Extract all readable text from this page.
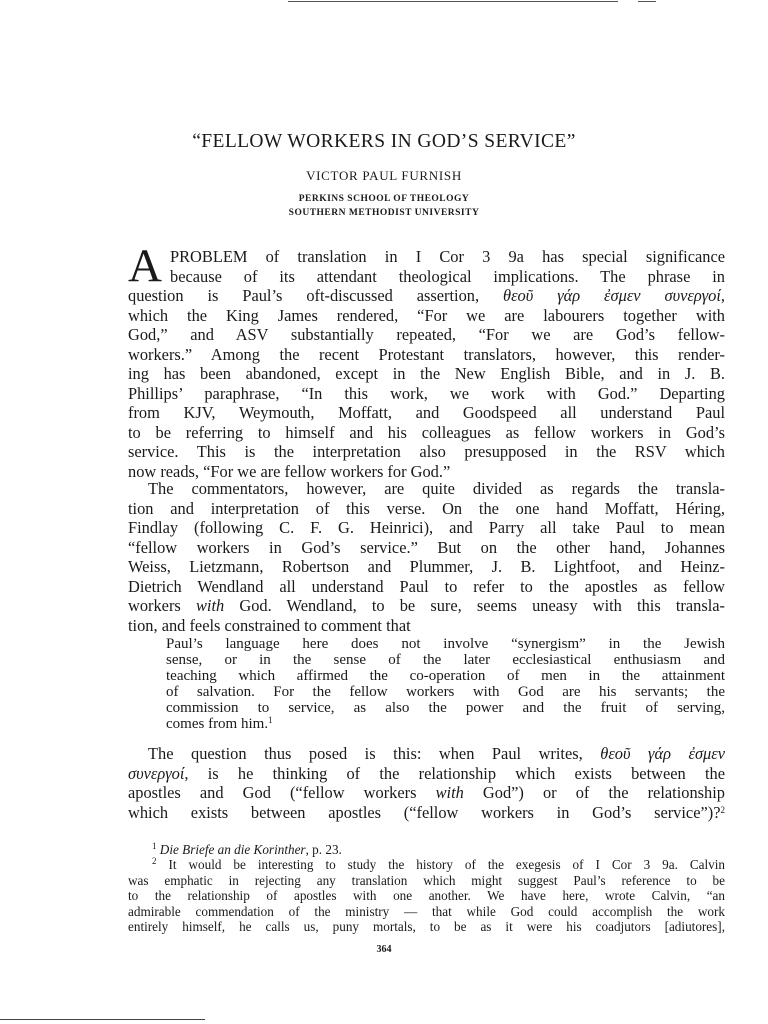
“FELLOW WORKERS IN GOD’S SERVICE”
VICTOR PAUL FURNISH
PERKINS SCHOOL OF THEOLOGY
SOUTHERN METHODIST UNIVERSITY
A PROBLEM of translation in I Cor 3 9a has special significance
because of its attendant theological implications. The phrase in
question is Paul’s oft-discussed assertion, θεοῦ γάρ ἐσμεν συνεργοί,
which the King James rendered, “For we are labourers together with
God,” and ASV substantially repeated, “For we are God’s fellow-
workers.” Among the recent Protestant translators, however, this render-
ing has been abandoned, except in the New English Bible, and in J. B.
Phillips’ paraphrase, “In this work, we work with God.” Departing
from KJV, Weymouth, Moffatt, and Goodspeed all understand Paul
to be referring to himself and his colleagues as fellow workers in God’s
service. This is the interpretation also presupposed in the RSV which
now reads, “For we are fellow workers for God.”
The commentators, however, are quite divided as regards the transla-
tion and interpretation of this verse. On the one hand Moffatt, Héring,
Findlay (following C. F. G. Heinrici), and Parry all take Paul to mean
“fellow workers in God’s service.” But on the other hand, Johannes
Weiss, Lietzmann, Robertson and Plummer, J. B. Lightfoot, and Heinz-
Dietrich Wendland all understand Paul to refer to the apostles as fellow
workers with God. Wendland, to be sure, seems uneasy with this transla-
tion, and feels constrained to comment that
Paul’s language here does not involve “synergism” in the Jewish
sense, or in the sense of the later ecclesiastical enthusiasm and
teaching which affirmed the co-operation of men in the attainment
of salvation. For the fellow workers with God are his servants; the
commission to service, as also the power and the fruit of serving,
comes from him.$^1$
The question thus posed is this: when Paul writes, θεοῦ γάρ ἐσμεν
συνεργοί, is he thinking of the relationship which exists between the
apostles and God (“fellow workers with God”) or of the relationship
which exists between apostles (“fellow workers in God’s service”)?$^2$
$^1$ Die Briefe an die Korinther, p. 23.
$^2$ It would be interesting to study the history of the exegesis of I Cor 3 9a. Calvin
was emphatic in rejecting any translation which might suggest Paul’s reference to be
to the relationship of apostles with one another. We have here, wrote Calvin, “an
admirable commendation of the ministry — that while God could accomplish the work
entirely himself, he calls us, puny mortals, to be as it were his coadjutors [adiutores],
364
